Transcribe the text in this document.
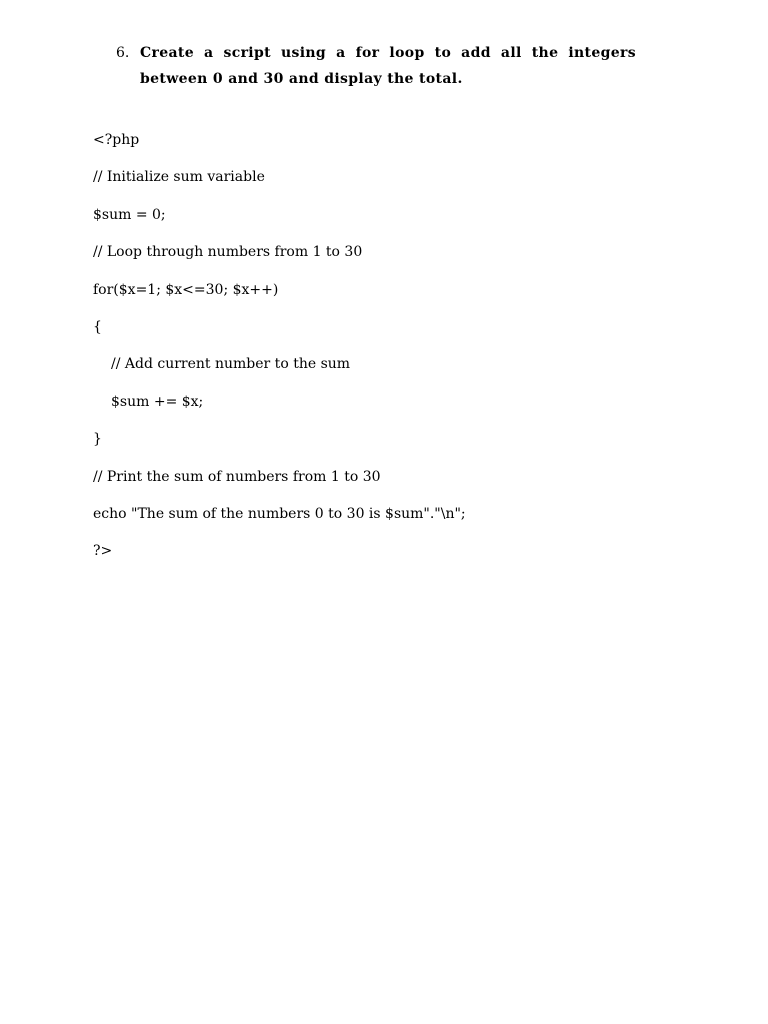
6. Create a script using a for loop to add all the integers between 0 and 30 and display the total.
<?php
// Initialize sum variable
$sum = 0;
// Loop through numbers from 1 to 30
for($x=1; $x<=30; $x++)
{
// Add current number to the sum
$sum += $x;
}
// Print the sum of numbers from 1 to 30
echo "The sum of the numbers 0 to 30 is $sum"."\n";
?>
